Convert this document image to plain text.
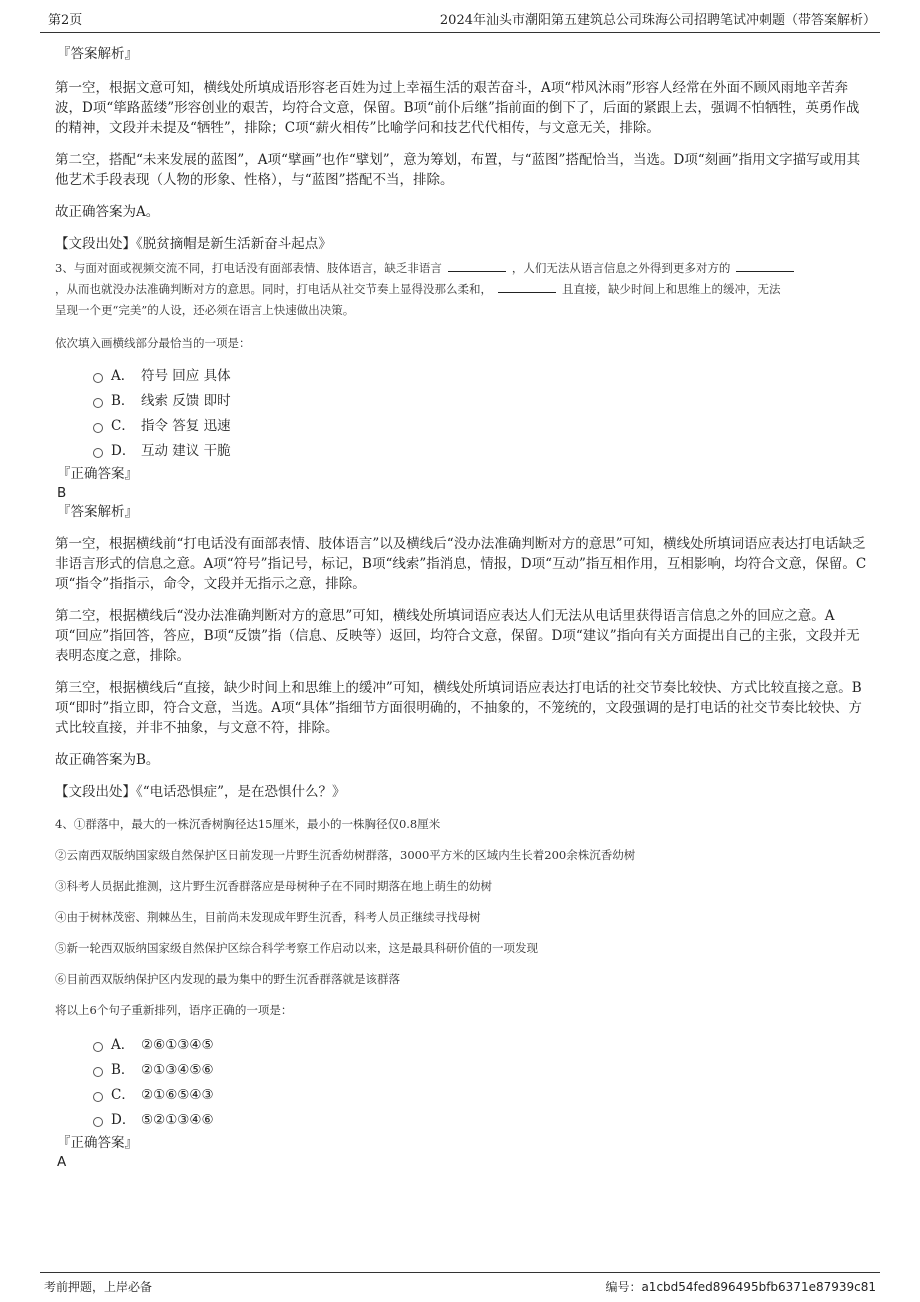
第2页	2024年汕头市潮阳第五建筑总公司珠海公司招聘笔试冲刺题（带答案解析）
『答案解析』

第一空，根据文意可知，横线处所填成语形容老百姓为过上幸福生活的艰苦奋斗，A项“栉风沐雨”形容人经常在外面不顾风雨地辛苦奔波，D项“筚路蓝缕”形容创业的艰苦，均符合文意，保留。B项“前仆后继”指前面的倒下了，后面的紧跟上去，强调不怕牺牲，英勇作战的精神，文段并未提及“牺牲”，排除；C项“薪火相传”比喻学问和技艺代代相传，与文意无关，排除。

第二空，搭配“未来发展的蓝图”，A项“擘画”也作“擘划”，意为筹划，布置，与“蓝图”搭配恰当，当选。D项“刻画”指用文字描写或用其他艺术手段表现（人物的形象、性格），与“蓝图”搭配不当，排除。

故正确答案为A。

【文段出处】《脱贫摘帽是新生活新奋斗起点》

3、与面对面或视频交流不同，打电话没有面部表情、肢体语言，缺乏非语言	，人们无法从语言信息之外得到更多对方的
，从而也就没办法准确判断对方的意思。同时，打电话从社交节奏上显得没那么柔和，	且直接，缺少时间上和思维上的缓冲，无法
呈现一个更“完美”的人设，还必须在语言上快速做出决策。

依次填入画横线部分最恰当的一项是：

A． 符号 回应 具体
B． 线索 反馈 即时
C． 指令 答复 迅速
D． 互动 建议 干脆
『正确答案』
B
『答案解析』

第一空，根据横线前“打电话没有面部表情、肢体语言”以及横线后“没办法准确判断对方的意思”可知，横线处所填词语应表达打电话缺乏非语言形式的信息之意。A项“符号”指记号，标记，B项“线索”指消息，情报，D项“互动”指互相作用，互相影响，均符合文意，保留。C项“指令”指指示，命令，文段并无指示之意，排除。

第二空，根据横线后“没办法准确判断对方的意思”可知，横线处所填词语应表达人们无法从电话里获得语言信息之外的回应之意。A项“回应”指回答，答应，B项“反馈”指（信息、反映等）返回，均符合文意，保留。D项“建议”指向有关方面提出自己的主张，文段并无表明态度之意，排除。

第三空，根据横线后“直接，缺少时间上和思维上的缓冲”可知，横线处所填词语应表达打电话的社交节奏比较快、方式比较直接之意。B项“即时”指立即，符合文意，当选。A项“具体”指细节方面很明确的，不抽象的，不笼统的，文段强调的是打电话的社交节奏比较快、方式比较直接，并非不抽象，与文意不符，排除。

故正确答案为B。

【文段出处】《“电话恐惧症”，是在恐惧什么？》

4、①群落中，最大的一株沉香树胸径达15厘米，最小的一株胸径仅0.8厘米

②云南西双版纳国家级自然保护区日前发现一片野生沉香幼树群落，3000平方米的区域内生长着200余株沉香幼树

③科考人员据此推测，这片野生沉香群落应是母树种子在不同时期落在地上萌生的幼树

④由于树林茂密、荆棘丛生，目前尚未发现成年野生沉香，科考人员正继续寻找母树

⑤新一轮西双版纳国家级自然保护区综合科学考察工作启动以来，这是最具科研价值的一项发现

⑥目前西双版纳保护区内发现的最为集中的野生沉香群落就是该群落

将以上6个句子重新排列，语序正确的一项是：

A． ②⑥①③④⑤
B． ②①③④⑤⑥
C． ②①⑥⑤④③
D． ⑤②①③④⑥
『正确答案』
A
考前押题，上岸必备	编号：a1cbd54fed896495bfb6371e87939c81
